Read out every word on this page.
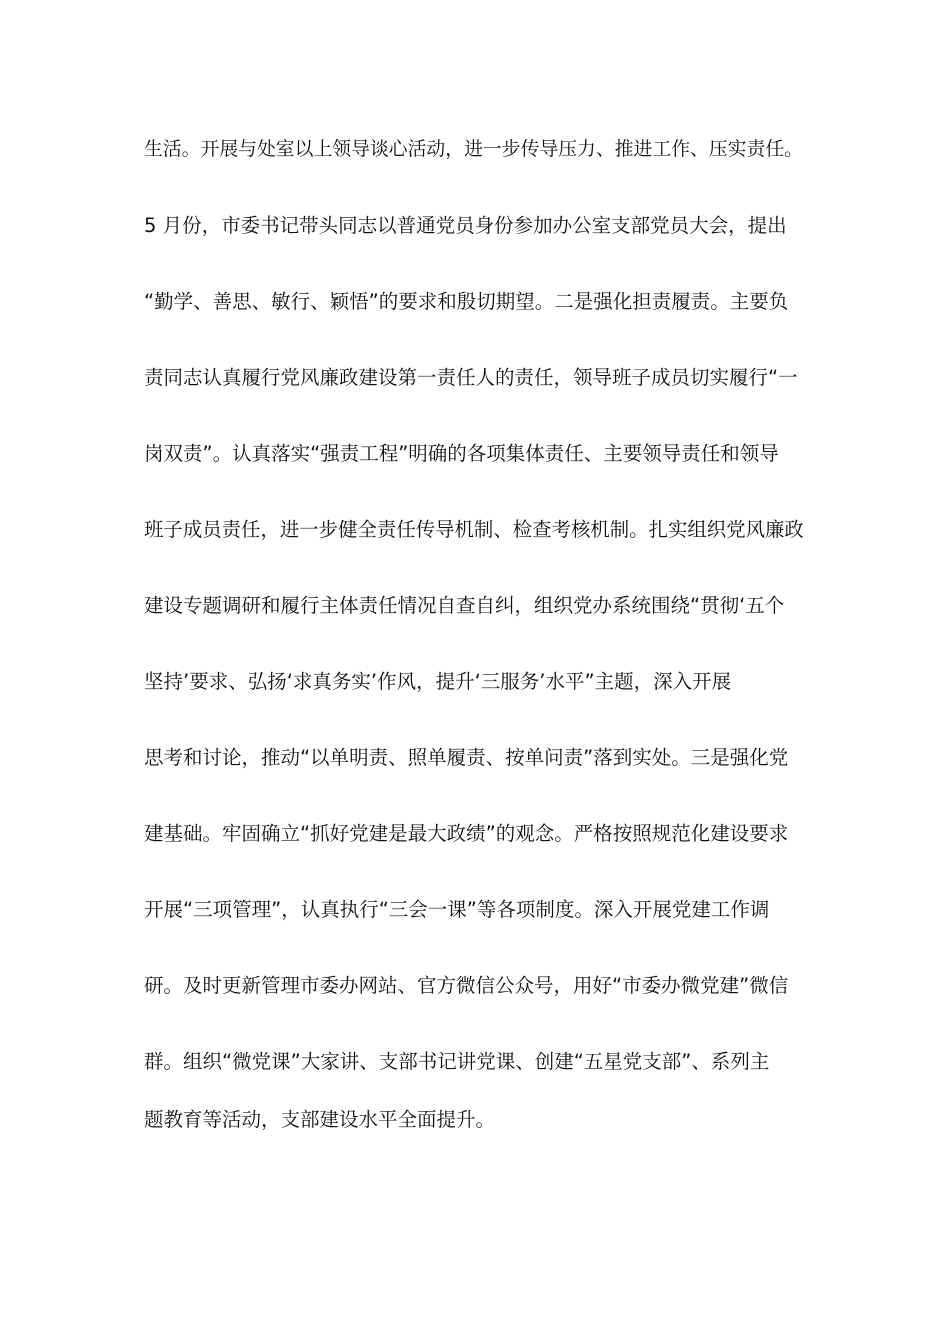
生活。开展与处室以上领导谈心活动，进一步传导压力、推进工作、压实责任。
5 月份，市委书记带头同志以普通党员身份参加办公室支部党员大会，提出
“勤学、善思、敏行、颖悟”的要求和殷切期望。二是强化担责履责。主要负
责同志认真履行党风廉政建设第一责任人的责任，领导班子成员切实履行“一
岗双责”。认真落实“强责工程”明确的各项集体责任、主要领导责任和领导
班子成员责任，进一步健全责任传导机制、检查考核机制。扎实组织党风廉政
建设专题调研和履行主体责任情况自查自纠，组织党办系统围绕“贯彻‘五个
坚持’要求、弘扬‘求真务实’作风，提升‘三服务’水平”主题，深入开展
思考和讨论，推动“以单明责、照单履责、按单问责”落到实处。三是强化党
建基础。牢固确立“抓好党建是最大政绩”的观念。严格按照规范化建设要求
开展“三项管理”，认真执行“三会一课”等各项制度。深入开展党建工作调
研。及时更新管理市委办网站、官方微信公众号，用好“市委办微党建”微信
群。组织“微党课”大家讲、支部书记讲党课、创建“五星党支部”、系列主
题教育等活动，支部建设水平全面提升。
